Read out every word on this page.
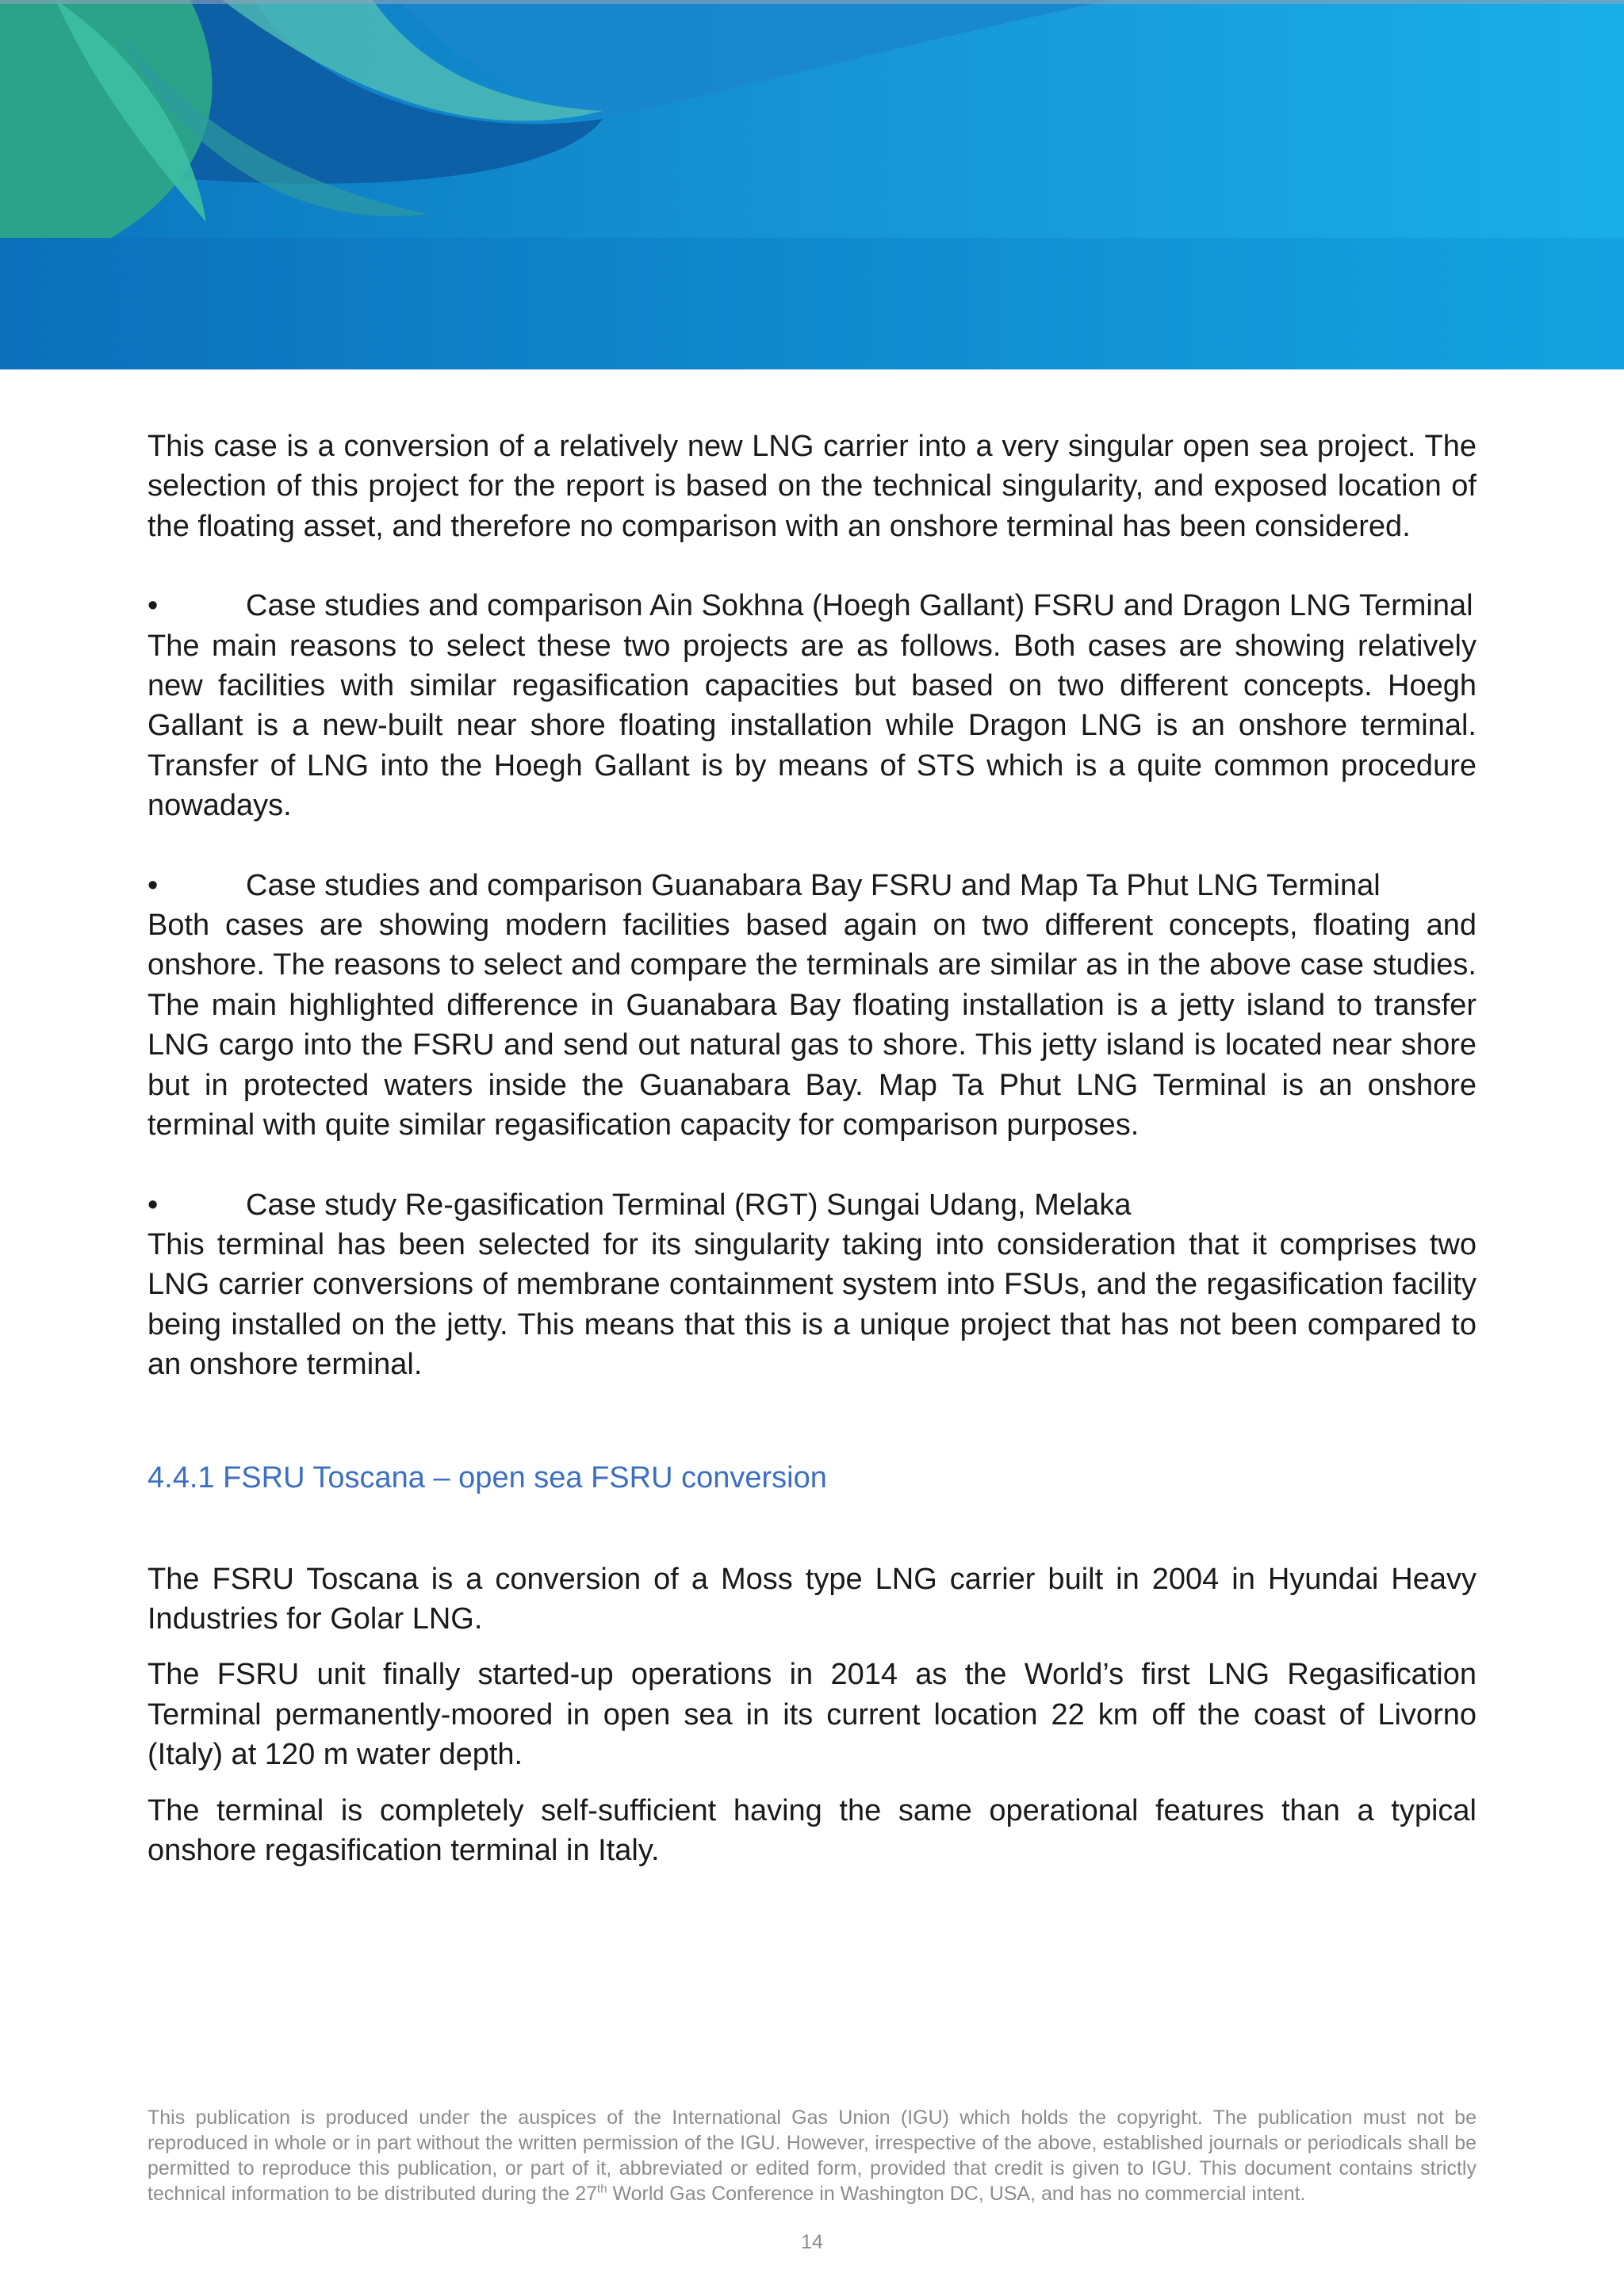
This case is a conversion of a relatively new LNG carrier into a very singular open sea project. The selection of this project for the report is based on the technical singularity, and exposed location of the floating asset, and therefore no comparison with an onshore terminal has been considered.

•	Case studies and comparison Ain Sokhna (Hoegh Gallant) FSRU and Dragon LNG Terminal

The main reasons to select these two projects are as follows. Both cases are showing relatively new facilities with similar regasification capacities but based on two different concepts. Hoegh Gallant is a new-built near shore floating installation while Dragon LNG is an onshore terminal. Transfer of LNG into the Hoegh Gallant is by means of STS which is a quite common procedure nowadays.

•	Case studies and comparison Guanabara Bay FSRU and Map Ta Phut LNG Terminal

Both cases are showing modern facilities based again on two different concepts, floating and onshore. The reasons to select and compare the terminals are similar as in the above case studies. The main highlighted difference in Guanabara Bay floating installation is a jetty island to transfer LNG cargo into the FSRU and send out natural gas to shore. This jetty island is located near shore but in protected waters inside the Guanabara Bay. Map Ta Phut LNG Terminal is an onshore terminal with quite similar regasification capacity for comparison purposes.

•	Case study Re-gasification Terminal (RGT) Sungai Udang, Melaka

This terminal has been selected for its singularity taking into consideration that it comprises two LNG carrier conversions of membrane containment system into FSUs, and the regasification facility being installed on the jetty. This means that this is a unique project that has not been compared to an onshore terminal.

4.4.1 FSRU Toscana – open sea FSRU conversion

The FSRU Toscana is a conversion of a Moss type LNG carrier built in 2004 in Hyundai Heavy Industries for Golar LNG.

The FSRU unit finally started-up operations in 2014 as the World’s first LNG Regasification Terminal permanently-moored in open sea in its current location 22 km off the coast of Livorno (Italy) at 120 m water depth.

The terminal is completely self-sufficient having the same operational features than a typical onshore regasification terminal in Italy.

This publication is produced under the auspices of the International Gas Union (IGU) which holds the copyright. The publication must not be reproduced in whole or in part without the written permission of the IGU. However, irrespective of the above, established journals or periodicals shall be permitted to reproduce this publication, or part of it, abbreviated or edited form, provided that credit is given to IGU. This document contains strictly technical information to be distributed during the 27th World Gas Conference in Washington DC, USA, and has no commercial intent.
14
